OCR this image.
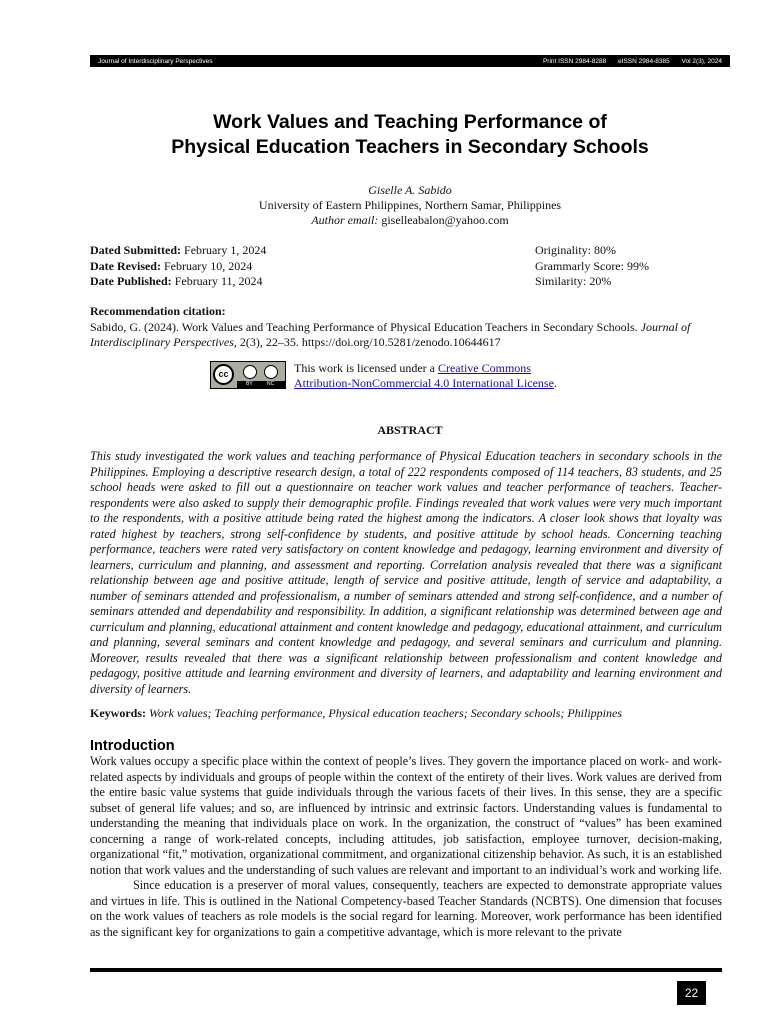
Journal of Interdisciplinary Perspectives	Print ISSN 2984-8288 eISSN 2984-8385 Vol 2(3), 2024
Work Values and Teaching Performance of
Physical Education Teachers in Secondary Schools
Giselle A. Sabido
University of Eastern Philippines, Northern Samar, Philippines
Author email: giselleabalon@yahoo.com
Dated Submitted: February 1, 2024
Date Revised: February 10, 2024
Date Published: February 11, 2024
Originality: 80%
Grammarly Score: 99%
Similarity: 20%
Recommendation citation:
Sabido, G. (2024). Work Values and Teaching Performance of Physical Education Teachers in Secondary Schools. Journal of Interdisciplinary Perspectives, 2(3), 22–35. https://doi.org/10.5281/zenodo.10644617
cc
BY	NC
This work is licensed under a Creative Commons
Attribution-NonCommercial 4.0 International License.
ABSTRACT

This study investigated the work values and teaching performance of Physical Education teachers in secondary schools in the Philippines. Employing a descriptive research design, a total of 222 respondents composed of 114 teachers, 83 students, and 25 school heads were asked to fill out a questionnaire on teacher work values and teacher performance of teachers. Teacher-respondents were also asked to supply their demographic profile. Findings revealed that work values were very much important to the respondents, with a positive attitude being rated the highest among the indicators. A closer look shows that loyalty was rated highest by teachers, strong self-confidence by students, and positive attitude by school heads. Concerning teaching performance, teachers were rated very satisfactory on content knowledge and pedagogy, learning environment and diversity of learners, curriculum and planning, and assessment and reporting. Correlation analysis revealed that there was a significant relationship between age and positive attitude, length of service and positive attitude, length of service and adaptability, a number of seminars attended and professionalism, a number of seminars attended and strong self-confidence, and a number of seminars attended and dependability and responsibility. In addition, a significant relationship was determined between age and curriculum and planning, educational attainment and content knowledge and pedagogy, educational attainment, and curriculum and planning, several seminars and content knowledge and pedagogy, and several seminars and curriculum and planning. Moreover, results revealed that there was a significant relationship between professionalism and content knowledge and pedagogy, positive attitude and learning environment and diversity of learners, and adaptability and learning environment and diversity of learners.

Keywords: Work values; Teaching performance, Physical education teachers; Secondary schools; Philippines
Introduction

Work values occupy a specific place within the context of people’s lives. They govern the importance placed on work- and work-related aspects by individuals and groups of people within the context of the entirety of their lives. Work values are derived from the entire basic value systems that guide individuals through the various facets of their lives. In this sense, they are a specific subset of general life values; and so, are influenced by intrinsic and extrinsic factors. Understanding values is fundamental to understanding the meaning that individuals place on work. In the organization, the construct of “values” has been examined concerning a range of work-related concepts, including attitudes, job satisfaction, employee turnover, decision-making, organizational “fit,” motivation, organizational commitment, and organizational citizenship behavior. As such, it is an established notion that work values and the understanding of such values are relevant and important to an individual’s work and working life.

Since education is a preserver of moral values, consequently, teachers are expected to demonstrate appropriate values and virtues in life. This is outlined in the National Competency-based Teacher Standards (NCBTS). One dimension that focuses on the work values of teachers as role models is the social regard for learning. Moreover, work performance has been identified as the significant key for organizations to gain a competitive advantage, which is more relevant to the private

22
